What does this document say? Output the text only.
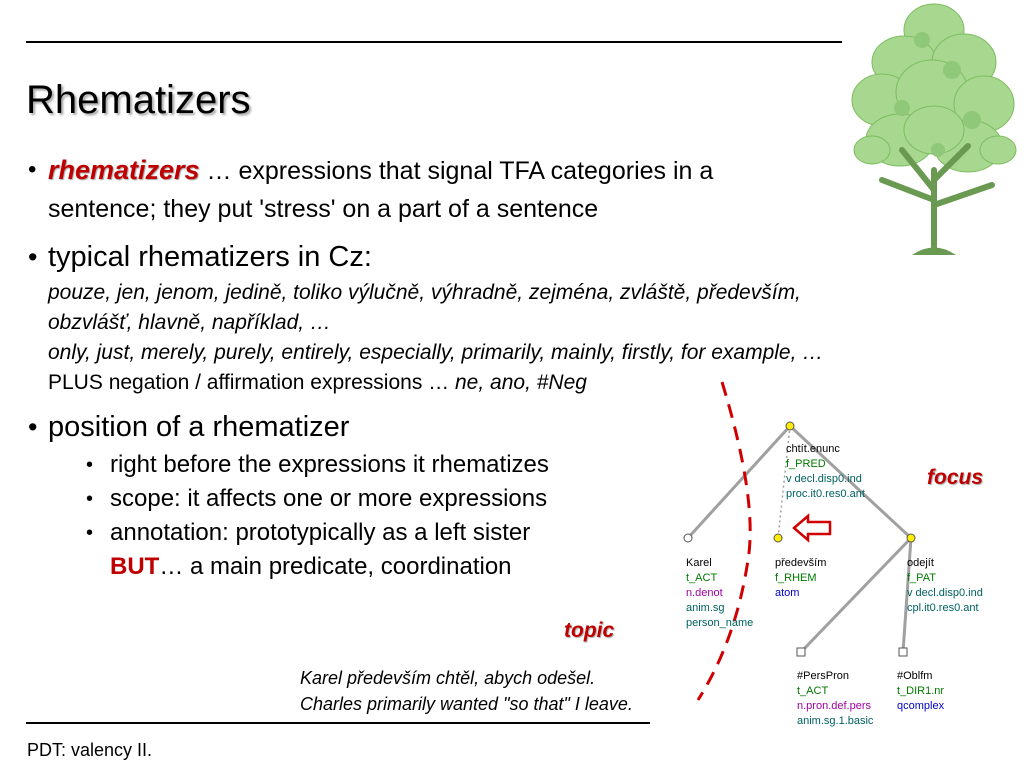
Rhematizers
• rhematizers … expressions that signal TFA categories in a
sentence; they put 'stress' on a part of a sentence
• typical rhematizers in Cz:
pouze, jen, jenom, jedině, toliko výlučně, výhradně, zejména, zvláště, především,
obzvlášť, hlavně, například, …
only, just, merely, purely, entirely, especially, primarily, mainly, firstly, for example, …
PLUS negation / affirmation expressions … ne, ano, #Neg
• position of a rhematizer
• right before the expressions it rhematizes
• scope: it affects one or more expressions
• annotation: prototypically as a left sister
BUT… a main predicate, coordination
chtít.enunc
f_PRED
v decl.disp0.ind
proc.it0.res0.ant
Karel
t_ACT
n.denot
anim.sg
person_name
především
f_RHEM
atom
odejít
f_PAT
v decl.disp0.ind
cpl.it0.res0.ant
#PersPron
t_ACT
n.pron.def.pers
anim.sg.1.basic
#Oblfm
t_DIR1.nr
qcomplex
focus
topic
Karel především chtěl, abych odešel.
Charles primarily wanted "so that" I leave.
PDT: valency II.
